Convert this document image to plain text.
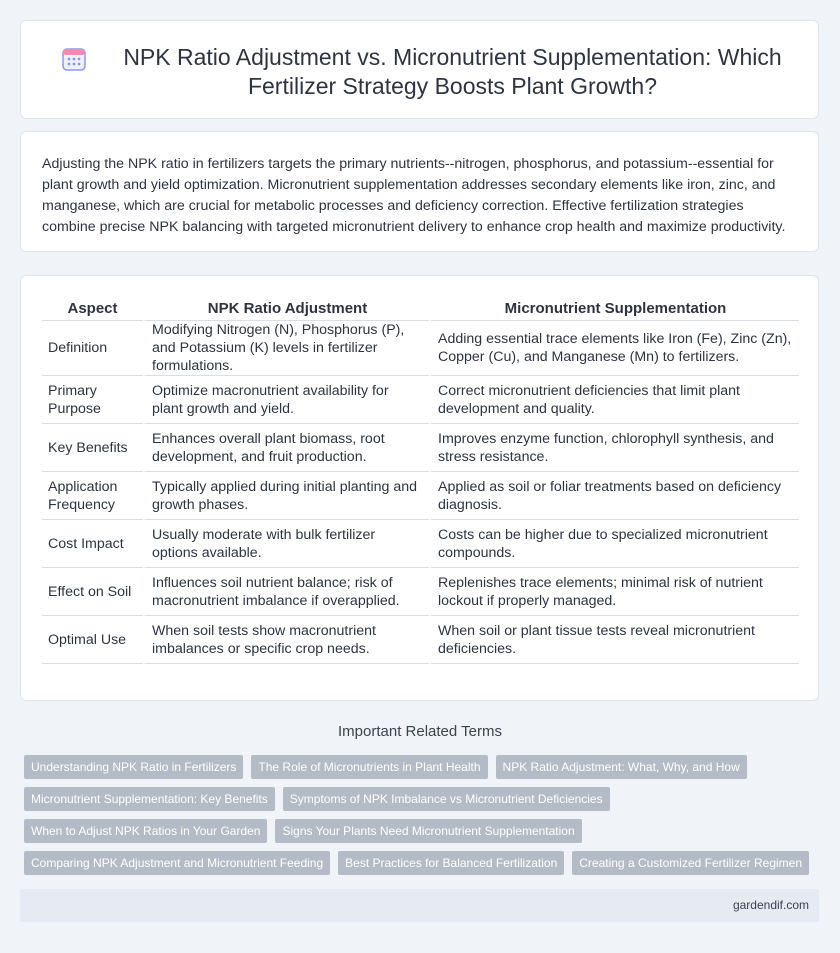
NPK Ratio Adjustment vs. Micronutrient Supplementation: Which Fertilizer Strategy Boosts Plant Growth?
Adjusting the NPK ratio in fertilizers targets the primary nutrients--nitrogen, phosphorus, and potassium--essential for plant growth and yield optimization. Micronutrient supplementation addresses secondary elements like iron, zinc, and manganese, which are crucial for metabolic processes and deficiency correction. Effective fertilization strategies combine precise NPK balancing with targeted micronutrient delivery to enhance crop health and maximize productivity.
Aspect	NPK Ratio Adjustment	Micronutrient Supplementation
Definition	Modifying Nitrogen (N), Phosphorus (P), and Potassium (K) levels in fertilizer formulations.	Adding essential trace elements like Iron (Fe), Zinc (Zn), Copper (Cu), and Manganese (Mn) to fertilizers.
Primary Purpose	Optimize macronutrient availability for plant growth and yield.	Correct micronutrient deficiencies that limit plant development and quality.
Key Benefits	Enhances overall plant biomass, root development, and fruit production.	Improves enzyme function, chlorophyll synthesis, and stress resistance.
Application Frequency	Typically applied during initial planting and growth phases.	Applied as soil or foliar treatments based on deficiency diagnosis.
Cost Impact	Usually moderate with bulk fertilizer options available.	Costs can be higher due to specialized micronutrient compounds.
Effect on Soil	Influences soil nutrient balance; risk of macronutrient imbalance if overapplied.	Replenishes trace elements; minimal risk of nutrient lockout if properly managed.
Optimal Use	When soil tests show macronutrient imbalances or specific crop needs.	When soil or plant tissue tests reveal micronutrient deficiencies.
Important Related Terms
Understanding NPK Ratio in Fertilizers	The Role of Micronutrients in Plant Health	NPK Ratio Adjustment: What, Why, and How
Micronutrient Supplementation: Key Benefits	Symptoms of NPK Imbalance vs Micronutrient Deficiencies
When to Adjust NPK Ratios in Your Garden	Signs Your Plants Need Micronutrient Supplementation
Comparing NPK Adjustment and Micronutrient Feeding	Best Practices for Balanced Fertilization	Creating a Customized Fertilizer Regimen
gardendif.com
